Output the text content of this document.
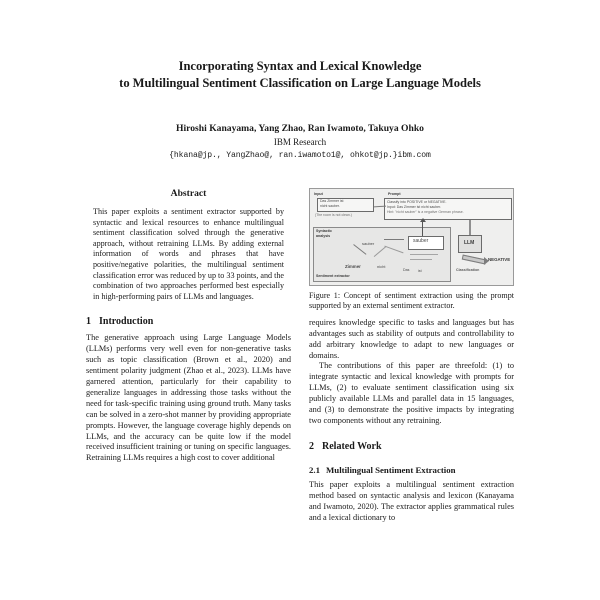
Incorporating Syntax and Lexical Knowledge
to Multilingual Sentiment Classification on Large Language Models
Hiroshi Kanayama, Yang Zhao, Ran Iwamoto, Takuya Ohko
IBM Research
{hkana@jp., YangZhao@, ran.iwamoto1@, ohkot@jp.}ibm.com
Abstract
This paper exploits a sentiment extractor supported by syntactic and lexical resources to enhance multilingual sentiment classification solved through the generative approach, without retraining LLMs. By adding external information of words and phrases that have positive/negative polarities, the multilingual sentiment classification error was reduced by up to 33 points, and the combination of two approaches performed best especially in high-performing pairs of LLMs and languages.
1 Introduction

The generative approach using Large Language Models (LLMs) performs very well even for non-generative tasks such as topic classification (Brown et al., 2020) and sentiment polarity judgment (Zhao et al., 2023). LLMs have garnered attention, particularly for their capability to generalize languages in addressing those tasks without the need for task-specific training using ground truth. Many tasks can be solved in a zero-shot manner by providing appropriate prompts. However, the language coverage highly depends on LLMs, and the accuracy can be quite low if the model received insufficient training or tuning on specific languages. Retraining LLMs requires a high cost to cover additional

Input	Prompt
Das Zimmer ist
nicht sauber.
(The room is not clean.)
Classify into POSITIVE or NEGATIVE.
Input: Das Zimmer ist nicht sauber.
Hint: "nicht sauber" is a negative German phrase.
Syntactic
analysis
Sentiment extractor
sauber
Zimmer	nicht
Das ist
sauber	LLM
NEGATIVE
Classification

Figure 1: Concept of sentiment extraction using the prompt supported by an external sentiment extractor.

requires knowledge specific to tasks and languages but has advantages such as stability of outputs and controllability to add arbitrary knowledge to adapt to new languages or domains.

The contributions of this paper are threefold: (1) to integrate syntactic and lexical knowledge with prompts for LLMs, (2) to evaluate sentiment classification using six publicly available LLMs and parallel data in 15 languages, and (3) to demonstrate the positive impacts by integrating two components without any retraining.

2 Related Work
2.1 Multilingual Sentiment Extraction

This paper exploits a multilingual sentiment extraction method based on syntactic analysis and lexicon (Kanayama and Iwamoto, 2020). The extractor applies grammatical rules and a lexical dictionary to
